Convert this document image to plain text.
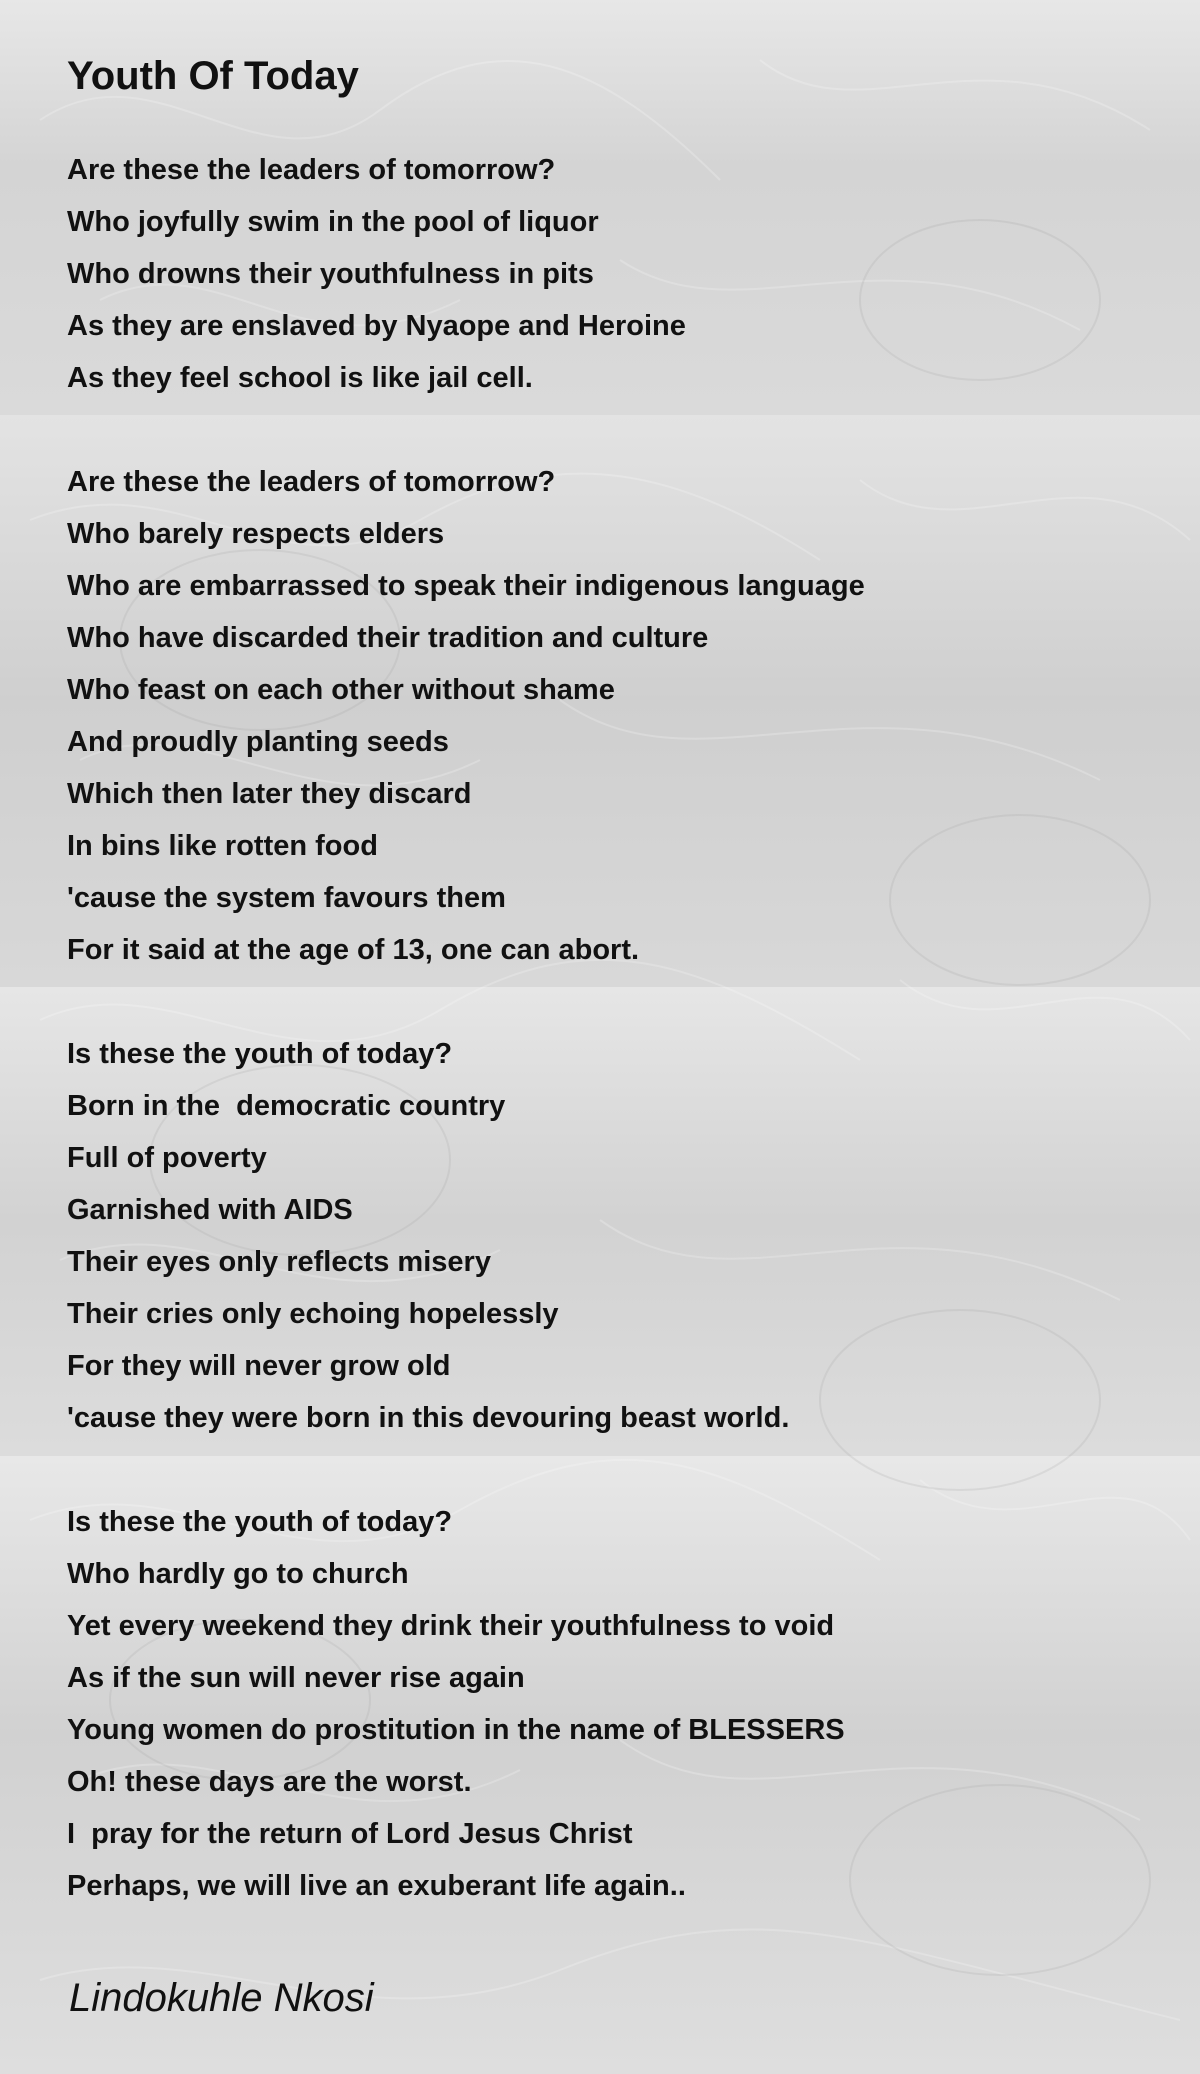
Youth Of Today
Are these the leaders of tomorrow?
Who joyfully swim in the pool of liquor
Who drowns their youthfulness in pits
As they are enslaved by Nyaope and Heroine
As they feel school is like jail cell.
Are these the leaders of tomorrow?
Who barely respects elders
Who are embarrassed to speak their indigenous language
Who have discarded their tradition and culture
Who feast on each other without shame
And proudly planting seeds
Which then later they discard
In bins like rotten food
'cause the system favours them
For it said at the age of 13, one can abort.
Is these the youth of today?
Born in the  democratic country
Full of poverty
Garnished with AIDS
Their eyes only reflects misery
Their cries only echoing hopelessly
For they will never grow old
'cause they were born in this devouring beast world.
Is these the youth of today?
Who hardly go to church
Yet every weekend they drink their youthfulness to void
As if the sun will never rise again
Young women do prostitution in the name of BLESSERS
Oh! these days are the worst.
I  pray for the return of Lord Jesus Christ
Perhaps, we will live an exuberant life again..
Lindokuhle Nkosi
